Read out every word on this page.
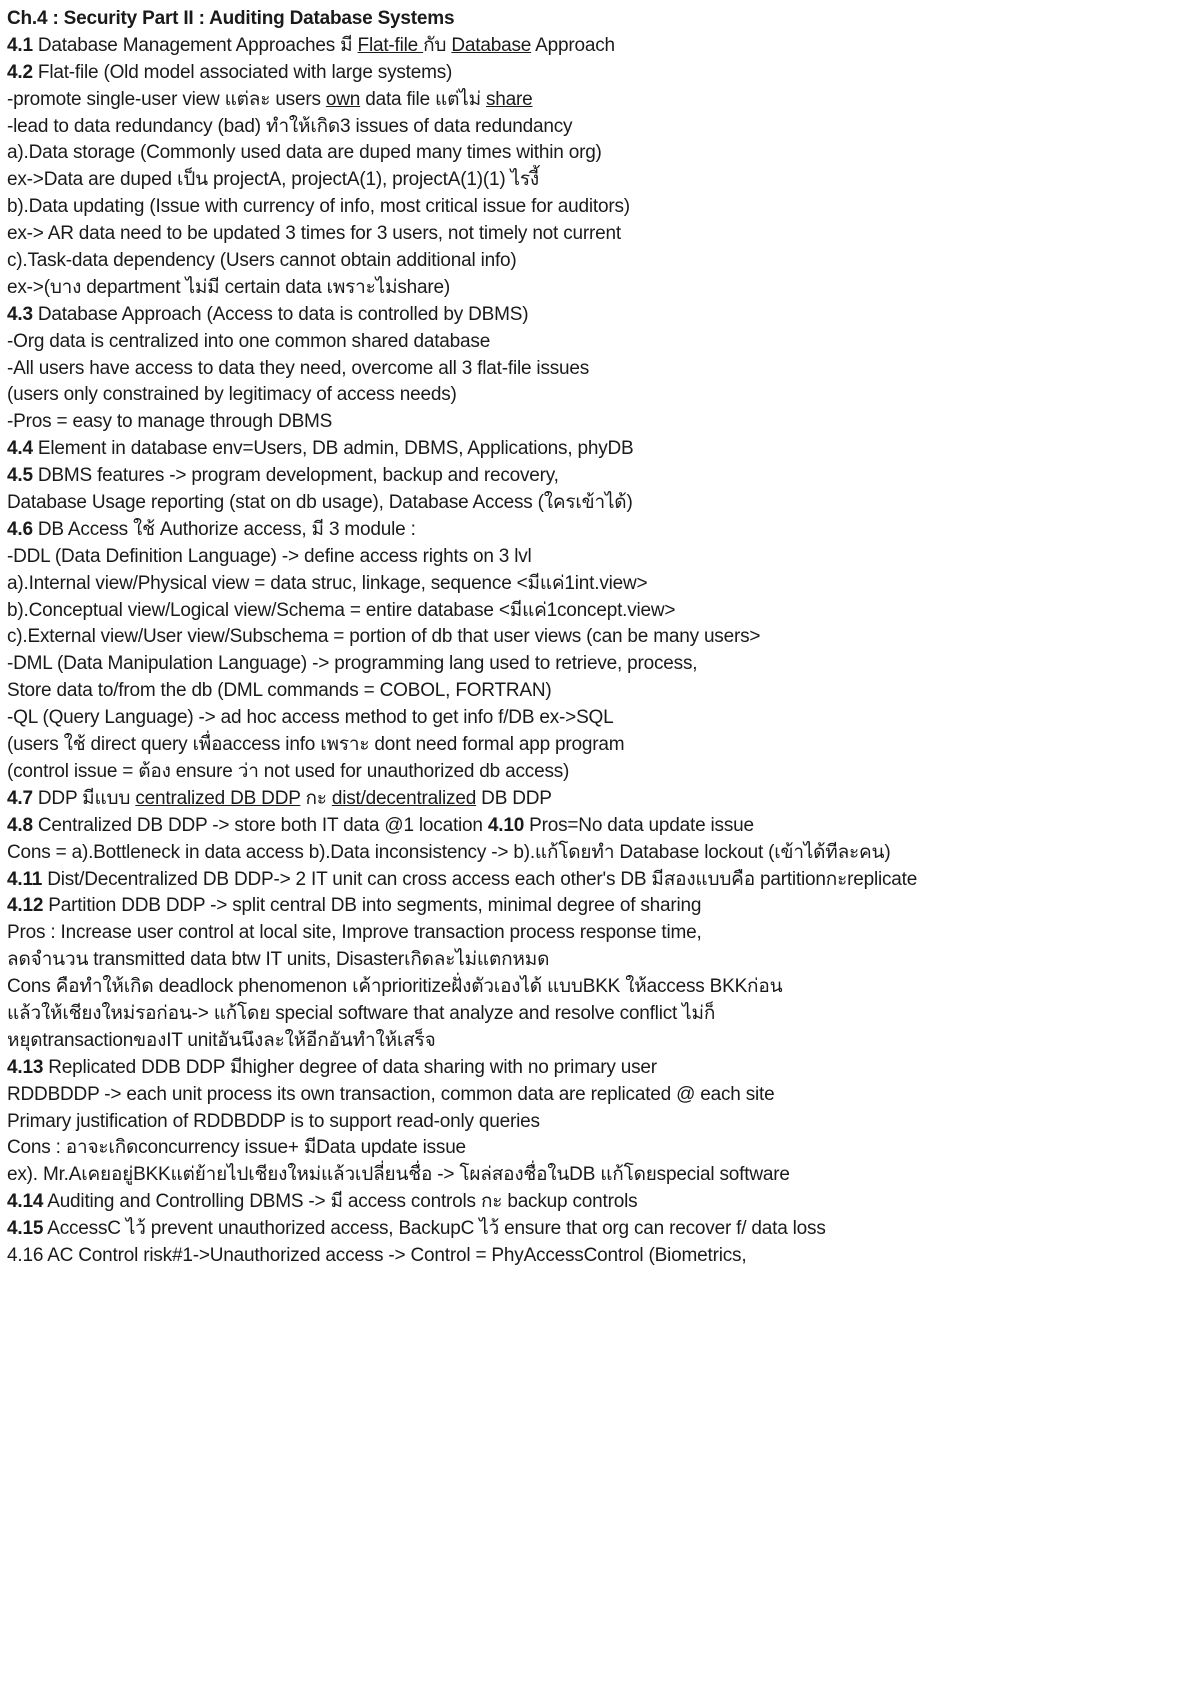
Ch.4 : Security Part II : Auditing Database Systems
4.1 Database Management Approaches มี Flat-file กับ Database Approach
4.2 Flat-file (Old model associated with large systems)
-promote single-user view แต่ละ users own data file แต่ไม่ share
-lead to data redundancy (bad) ทำให้เกิด3 issues of data redundancy
a).Data storage (Commonly used data are duped many times within org)
ex->Data are duped เป็น projectA, projectA(1), projectA(1)(1) ไรงี้
b).Data updating (Issue with currency of info, most critical issue for auditors)
ex-> AR data need to be updated 3 times for 3 users, not timely not current
c).Task-data dependency (Users cannot obtain additional info)
ex->(บาง department ไม่มี certain data เพราะไม่share)
4.3 Database Approach (Access to data is controlled by DBMS)
-Org data is centralized into one common shared database
-All users have access to data they need, overcome all 3 flat-file issues
(users only constrained by legitimacy of access needs)
-Pros = easy to manage through DBMS
4.4 Element in database env=Users, DB admin, DBMS, Applications, phyDB
4.5 DBMS features -> program development, backup and recovery,
Database Usage reporting (stat on db usage), Database Access (ใครเข้าได้)
4.6 DB Access ใช้ Authorize access, มี 3 module :
-DDL (Data Definition Language) -> define access rights on 3 lvl
a).Internal view/Physical view = data struc, linkage, sequence <มีแค่1int.view>
b).Conceptual view/Logical view/Schema = entire database <มีแค่1concept.view>
c).External view/User view/Subschema = portion of db that user views (can be many users>
-DML (Data Manipulation Language) -> programming lang used to retrieve, process,
Store data to/from the db (DML commands = COBOL, FORTRAN)
-QL (Query Language) -> ad hoc access method to get info f/DB ex->SQL
(users ใช้ direct query เพื่อaccess info เพราะ dont need formal app program
(control issue = ต้อง ensure ว่า not used for unauthorized db access)
4.7 DDP มีแบบ centralized DB DDP กะ dist/decentralized DB DDP
4.8 Centralized DB DDP -> store both IT data @1 location 4.10 Pros=No data update issue
Cons = a).Bottleneck in data access b).Data inconsistency -> b).แก้โดยทำ Database lockout (เข้าได้ทีละคน)
4.11 Dist/Decentralized DB DDP-> 2 IT unit can cross access each other's DB มีสองแบบคือ partitionกะreplicate
4.12 Partition DDB DDP -> split central DB into segments, minimal degree of sharing
Pros : Increase user control at local site, Improve transaction process response time,
ลดจำนวน transmitted data btw IT units, Disasterเกิดละไม่แตกหมด
Cons คือทำให้เกิด deadlock phenomenon เค้าprioritizeฝั่งตัวเองได้ แบบBKK ให้access BKKก่อน
แล้วให้เชียงใหม่รอก่อน-> แก้โดย special software that analyze and resolve conflict ไม่ก็
หยุดtransactionของIT unitอันนึงละให้อีกอันทำให้เสร็จ
4.13 Replicated DDB DDP มีhigher degree of data sharing with no primary user
RDDBDDP -> each unit process its own transaction, common data are replicated @ each site
Primary justification of RDDBDDP is to support read-only queries
Cons : อาจะเกิดconcurrency issue+ มีData update issue
ex). Mr.Aเคยอยู่BKKแต่ย้ายไปเชียงใหม่แล้วเปลี่ยนชื่อ -> โผล่สองชื่อในDB แก้โดยspecial software
4.14 Auditing and Controlling DBMS -> มี access controls กะ backup controls
4.15 AccessC ไว้ prevent unauthorized access, BackupC ไว้ ensure that org can recover f/ data loss
4.16 AC Control risk#1->Unauthorized access -> Control = PhyAccessControl (Biometrics,
